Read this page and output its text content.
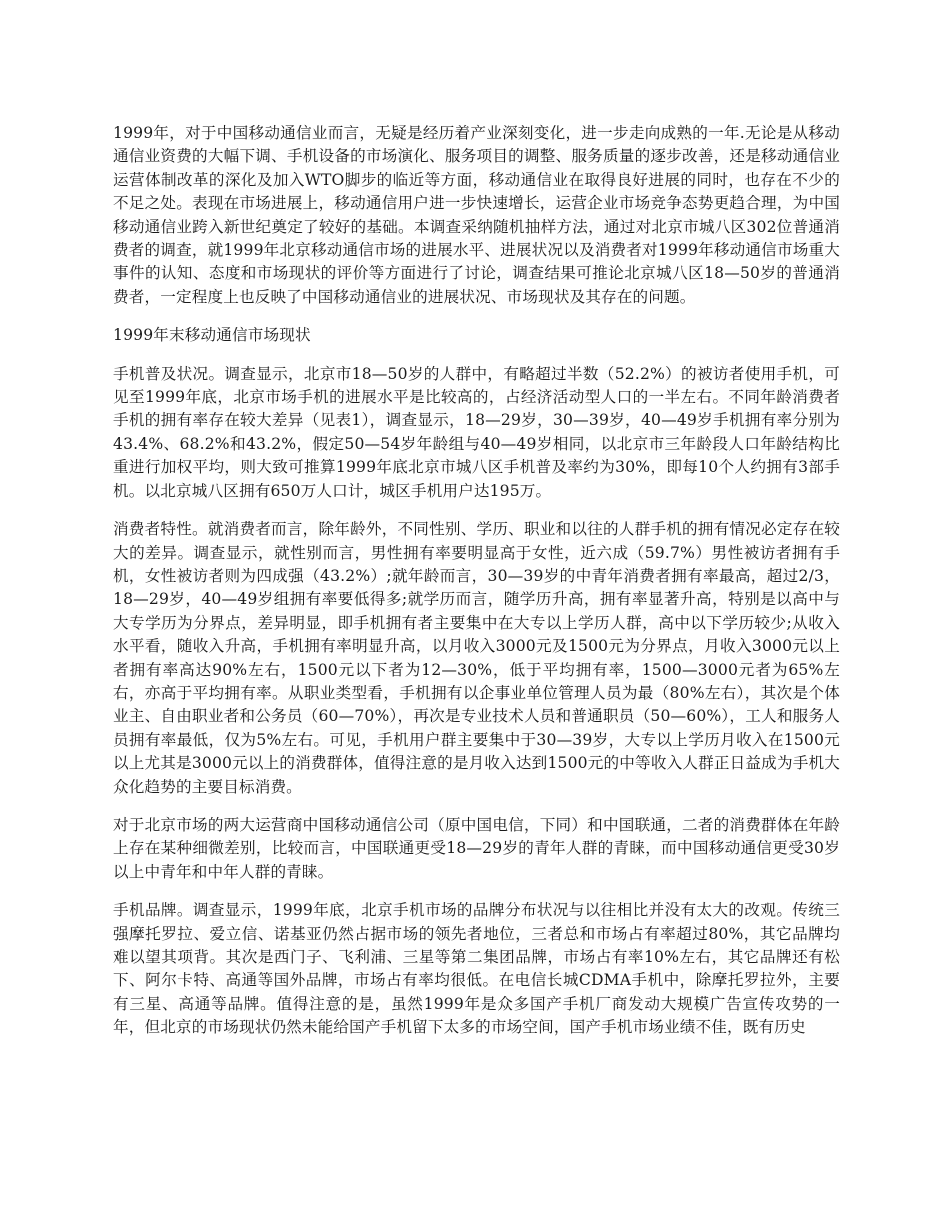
1999年，对于中国移动通信业而言，无疑是经历着产业深刻变化，进一步走向成熟的一年.无论是从移动通信业资费的大幅下调、手机设备的市场演化、服务项目的调整、服务质量的逐步改善，还是移动通信业运营体制改革的深化及加入WTO脚步的临近等方面，移动通信业在取得良好进展的同时，也存在不少的不足之处。表现在市场进展上，移动通信用户进一步快速增长，运营企业市场竞争态势更趋合理，为中国移动通信业跨入新世纪奠定了较好的基础。本调查采纳随机抽样方法，通过对北京市城八区302位普通消费者的调查，就1999年北京移动通信市场的进展水平、进展状况以及消费者对1999年移动通信市场重大事件的认知、态度和市场现状的评价等方面进行了讨论，调查结果可推论北京城八区18—50岁的普通消费者，一定程度上也反映了中国移动通信业的进展状况、市场现状及其存在的问题。

1999年末移动通信市场现状

手机普及状况。调查显示，北京市18—50岁的人群中，有略超过半数（52.2%）的被访者使用手机，可见至1999年底，北京市场手机的进展水平是比较高的，占经济活动型人口的一半左右。不同年龄消费者手机的拥有率存在较大差异（见表1），调查显示，18—29岁，30—39岁，40—49岁手机拥有率分别为43.4%、68.2%和43.2%，假定50—54岁年龄组与40—49岁相同，以北京市三年龄段人口年龄结构比重进行加权平均，则大致可推算1999年底北京市城八区手机普及率约为30%，即每10个人约拥有3部手机。以北京城八区拥有650万人口计，城区手机用户达195万。

消费者特性。就消费者而言，除年龄外，不同性别、学历、职业和以往的人群手机的拥有情况必定存在较大的差异。调查显示，就性别而言，男性拥有率要明显高于女性，近六成（59.7%）男性被访者拥有手机，女性被访者则为四成强（43.2%）;就年龄而言，30—39岁的中青年消费者拥有率最高，超过2/3，18—29岁，40—49岁组拥有率要低得多;就学历而言，随学历升高，拥有率显著升高，特别是以高中与大专学历为分界点，差异明显，即手机拥有者主要集中在大专以上学历人群，高中以下学历较少;从收入水平看，随收入升高，手机拥有率明显升高，以月收入3000元及1500元为分界点，月收入3000元以上者拥有率高达90%左右，1500元以下者为12—30%，低于平均拥有率，1500—3000元者为65%左右，亦高于平均拥有率。从职业类型看，手机拥有以企事业单位管理人员为最（80%左右），其次是个体业主、自由职业者和公务员（60—70%），再次是专业技术人员和普通职员（50—60%），工人和服务人员拥有率最低，仅为5%左右。可见，手机用户群主要集中于30—39岁，大专以上学历月收入在1500元以上尤其是3000元以上的消费群体，值得注意的是月收入达到1500元的中等收入人群正日益成为手机大众化趋势的主要目标消费。

对于北京市场的两大运营商中国移动通信公司（原中国电信，下同）和中国联通，二者的消费群体在年龄上存在某种细微差别，比较而言，中国联通更受18—29岁的青年人群的青睐，而中国移动通信更受30岁以上中青年和中年人群的青睐。

手机品牌。调查显示，1999年底，北京手机市场的品牌分布状况与以往相比并没有太大的改观。传统三强摩托罗拉、爱立信、诺基亚仍然占据市场的领先者地位，三者总和市场占有率超过80%，其它品牌均难以望其项背。其次是西门子、飞利浦、三星等第二集团品牌，市场占有率10%左右，其它品牌还有松下、阿尔卡特、高通等国外品牌，市场占有率均很低。在电信长城CDMA手机中，除摩托罗拉外，主要有三星、高通等品牌。值得注意的是，虽然1999年是众多国产手机厂商发动大规模广告宣传攻势的一年，但北京的市场现状仍然未能给国产手机留下太多的市场空间，国产手机市场业绩不佳，既有历史
